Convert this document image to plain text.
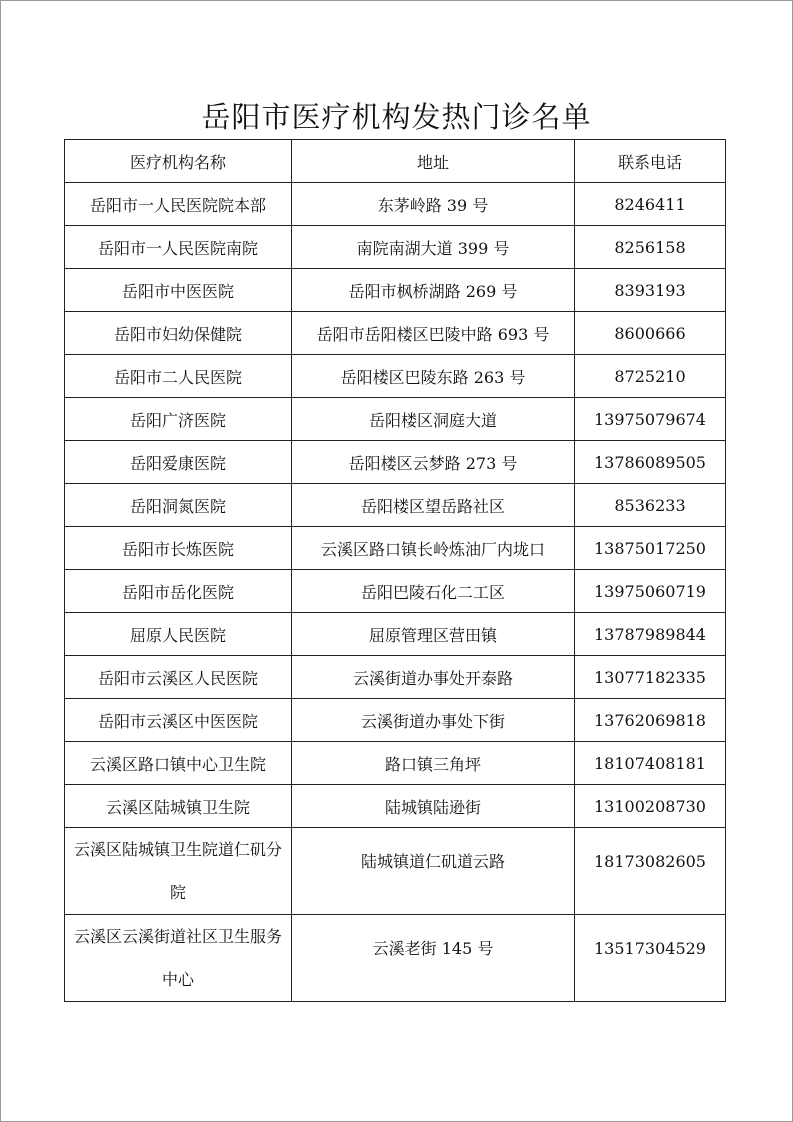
岳阳市医疗机构发热门诊名单
医疗机构名称	地址	联系电话
岳阳市一人民医院院本部	东茅岭路 39 号	8246411
岳阳市一人民医院南院	南院南湖大道 399 号	8256158
岳阳市中医医院	岳阳市枫桥湖路 269 号	8393193
岳阳市妇幼保健院	岳阳市岳阳楼区巴陵中路 693 号	8600666
岳阳市二人民医院	岳阳楼区巴陵东路 263 号	8725210
岳阳广济医院	岳阳楼区洞庭大道	13975079674
岳阳爱康医院	岳阳楼区云梦路 273 号	13786089505
岳阳洞氮医院	岳阳楼区望岳路社区	8536233
岳阳市长炼医院	云溪区路口镇长岭炼油厂内垅口	13875017250
岳阳市岳化医院	岳阳巴陵石化二工区	13975060719
屈原人民医院	屈原管理区营田镇	13787989844
岳阳市云溪区人民医院	云溪街道办事处开泰路	13077182335
岳阳市云溪区中医医院	云溪街道办事处下街	13762069818
云溪区路口镇中心卫生院	路口镇三角坪	18107408181
云溪区陆城镇卫生院	陆城镇陆逊街	13100208730
云溪区陆城镇卫生院道仁矶分院	陆城镇道仁矶道云路	18173082605
云溪区云溪街道社区卫生服务中心	云溪老街 145 号	13517304529
